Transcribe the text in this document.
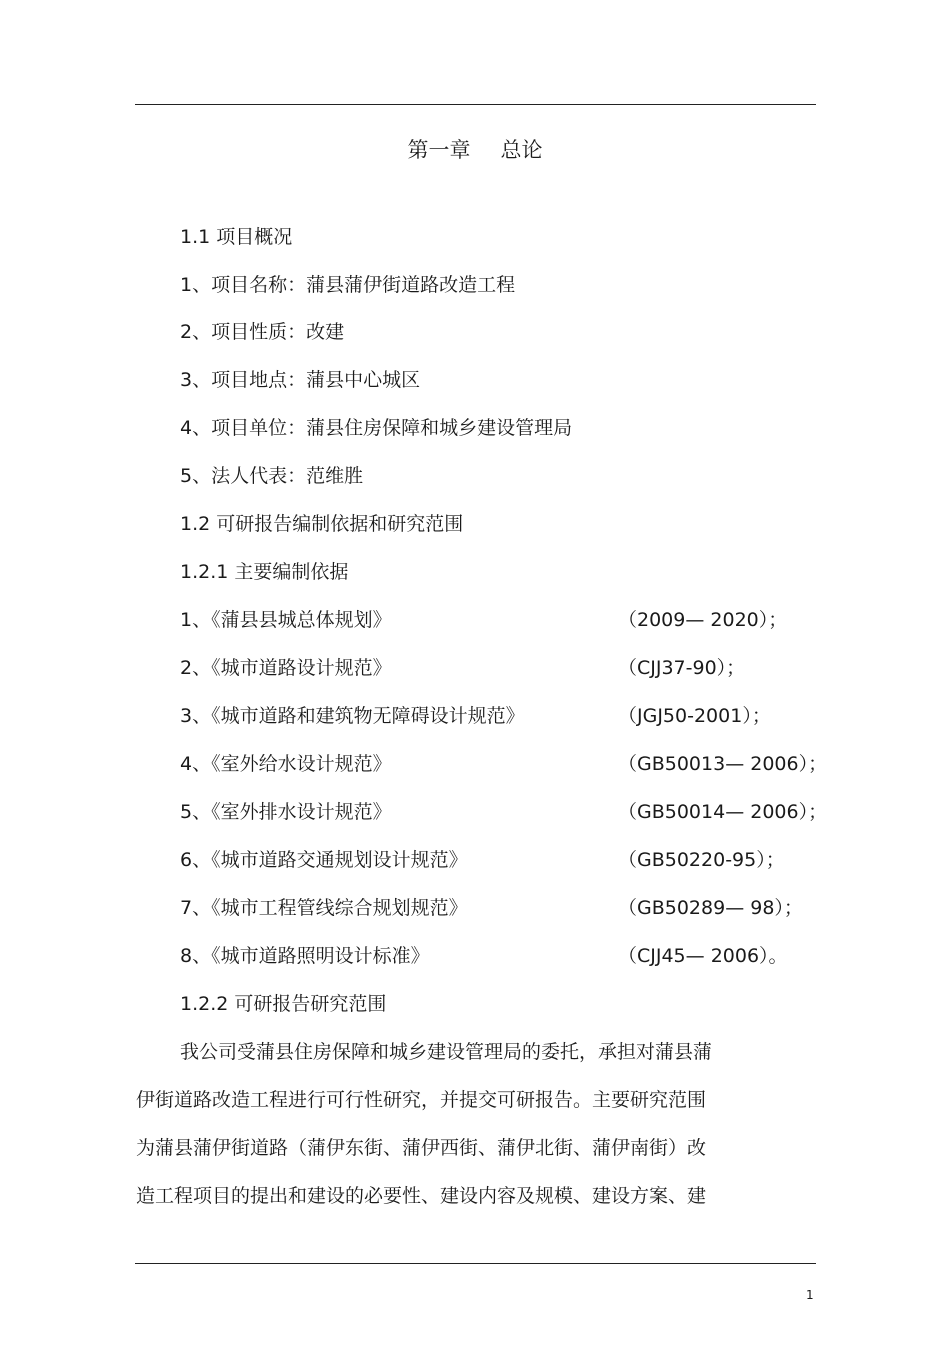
第一章 总论
1.1 项目概况
1、项目名称：蒲县蒲伊街道路改造工程
2、项目性质：改建
3、项目地点：蒲县中心城区
4、项目单位：蒲县住房保障和城乡建设管理局
5、法人代表：范维胜
1.2 可研报告编制依据和研究范围
1.2.1 主要编制依据
1、《蒲县县城总体规划》	（2009— 2020）；
2、《城市道路设计规范》	（CJJ37-90）；
3、《城市道路和建筑物无障碍设计规范》	（JGJ50-2001）；
4、《室外给水设计规范》	（GB50013— 2006）；
5、《室外排水设计规范》	（GB50014— 2006）；
6、《城市道路交通规划设计规范》	（GB50220-95）；
7、《城市工程管线综合规划规范》	（GB50289— 98）；
8、《城市道路照明设计标准》	（CJJ45— 2006）。
1.2.2 可研报告研究范围
我公司受蒲县住房保障和城乡建设管理局的委托，承担对蒲县蒲
伊街道路改造工程进行可行性研究，并提交可研报告。主要研究范围
为蒲县蒲伊街道路（蒲伊东街、蒲伊西街、蒲伊北街、蒲伊南街）改
造工程项目的提出和建设的必要性、建设内容及规模、建设方案、建
1
